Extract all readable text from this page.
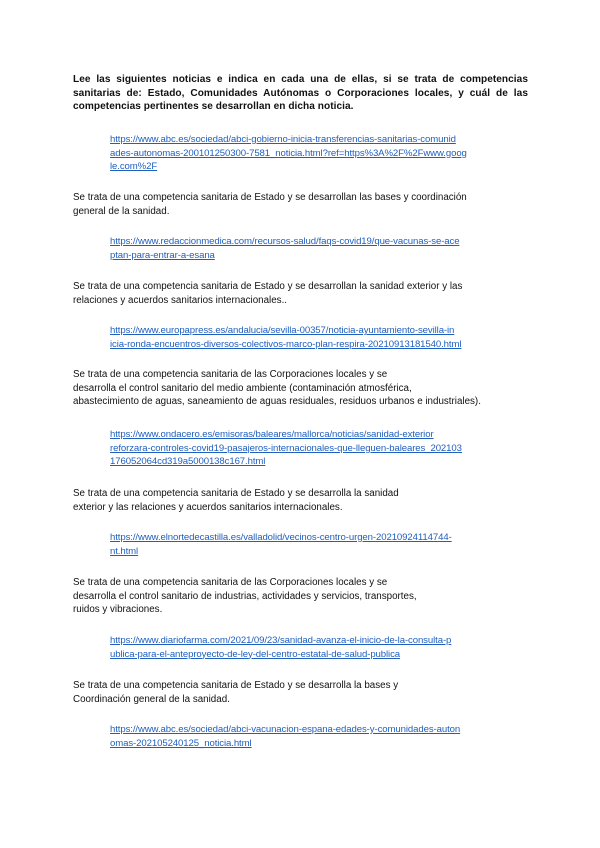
Lee las siguientes noticias e indica en cada una de ellas, si se trata de competencias sanitarias de: Estado, Comunidades Autónomas o Corporaciones locales, y cuál de las competencias pertinentes se desarrollan en dicha noticia.

https://www.abc.es/sociedad/abci-gobierno-inicia-transferencias-sanitarias-comunid
ades-autonomas-200101250300-7581_noticia.html?ref=https%3A%2F%2Fwww.goog
le.com%2F
Se trata de una competencia sanitaria de Estado y se desarrollan las bases y coordinación
general de la sanidad.
https://www.redaccionmedica.com/recursos-salud/faqs-covid19/que-vacunas-se-ace
ptan-para-entrar-a-esana
Se trata de una competencia sanitaria de Estado y se desarrollan la sanidad exterior y las
relaciones y acuerdos sanitarios internacionales..
https://www.europapress.es/andalucia/sevilla-00357/noticia-ayuntamiento-sevilla-in
icia-ronda-encuentros-diversos-colectivos-marco-plan-respira-20210913181540.html
Se trata de una competencia sanitaria de las Corporaciones locales y se
desarrolla el control sanitario del medio ambiente (contaminación atmosférica,
abastecimiento de aguas, saneamiento de aguas residuales, residuos urbanos e industriales).
https://www.ondacero.es/emisoras/baleares/mallorca/noticias/sanidad-exterior
reforzara-controles-covid19-pasajeros-internacionales-que-lleguen-baleares_202103
176052064cd319a5000138c167.html
Se trata de una competencia sanitaria de Estado y se desarrolla la sanidad
exterior y las relaciones y acuerdos sanitarios internacionales.
https://www.elnortedecastilla.es/valladolid/vecinos-centro-urgen-20210924114744-
nt.html
Se trata de una competencia sanitaria de las Corporaciones locales y se
desarrolla el control sanitario de industrias, actividades y servicios, transportes,
ruidos y vibraciones.
https://www.diariofarma.com/2021/09/23/sanidad-avanza-el-inicio-de-la-consulta-p
ublica-para-el-anteproyecto-de-ley-del-centro-estatal-de-salud-publica
Se trata de una competencia sanitaria de Estado y se desarrolla la bases y
Coordinación general de la sanidad.
https://www.abc.es/sociedad/abci-vacunacion-espana-edades-y-comunidades-auton
omas-202105240125_noticia.html
